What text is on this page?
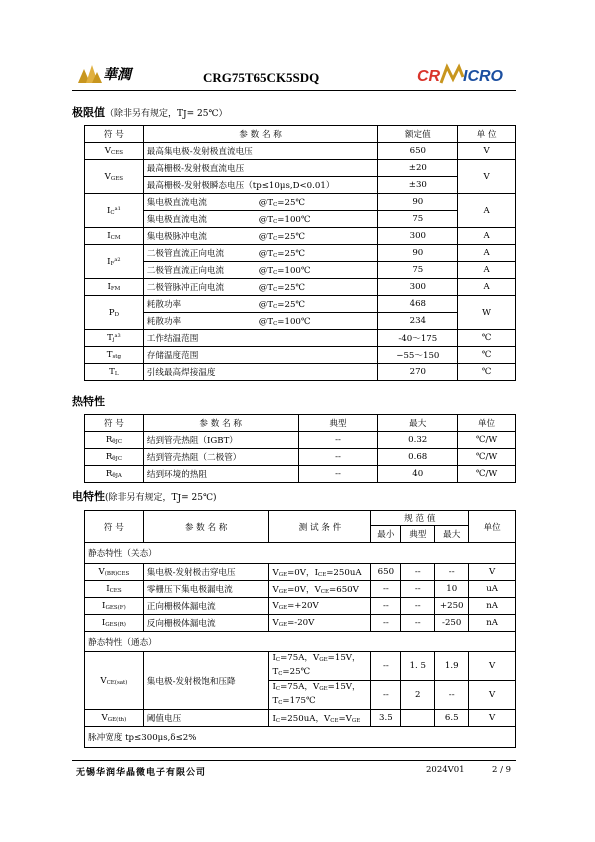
華潤	CRG75T65CK5SDQ	CR ICRO
极限值（除非另有规定，TJ= 25℃）
符 号	参 数 名 称	额定值	单 位
VCES	最高集电极-发射极直流电压	650	V
VGES	最高栅极-发射极直流电压	±20	V
	最高栅极-发射极瞬态电压（tp≤10μs,D<0.01）	±30	
$IC^{a1}$	集电极直流电流 @TC=25℃	90	A
	集电极直流电流 @TC=100℃	75	
ICM	集电极脉冲电流 @TC=25℃	300	A
$IF^{a2}$	二极管直流正向电流 @TC=25℃	90	A
	二极管直流正向电流 @TC=100℃	75	A
IFM	二极管脉冲正向电流 @TC=25℃	300	A
PD	耗散功率 @TC=25℃	468	W
	耗散功率 @TC=100℃	234	
$Tj^{a3}$	工作结温范围	-40～175	℃
Tstg	存储温度范围	−55～150	℃
TL	引线最高焊接温度	270	℃
热特性
符 号	参 数 名 称	典型	最大	单位
RθJC	结到管壳热阻（IGBT）	--	0.32	℃/W
RθJC	结到管壳热阻（二极管）	--	0.68	℃/W
RθJA	结到环境的热阻	--	40	℃/W
电特性(除非另有规定，TJ= 25℃)
符 号	参 数 名 称	测 试 条 件	规 范 值			单位
			最小	典型	最大	
静态特性（关态）						
V(BR)CES	集电极-发射极击穿电压	VGE=0V，ICE=250uA	650	--	--	V
ICES	零栅压下集电极漏电流	VGE=0V，VCE=650V	--	--	10	uA
IGES(F)	正向栅极体漏电流	VGE=+20V	--	--	+250	nA
IGES(R)	反向栅极体漏电流	VGE=-20V	--	--	-250	nA
静态特性（通态）						
VCE(sat)	集电极-发射极饱和压降	IC=75A，VGE=15V，
TC=25℃	--	1. 5	1.9	V
		IC=75A，VGE=15V，
TC=175℃	--	2	--	V
VGE(th)	阈值电压	IC=250uA，VCE=VGE	3.5		6.5	V
脉冲宽度 tp≤300μs,δ≤2%						
无锡华润华晶微电子有限公司	2024V01	2 / 9
